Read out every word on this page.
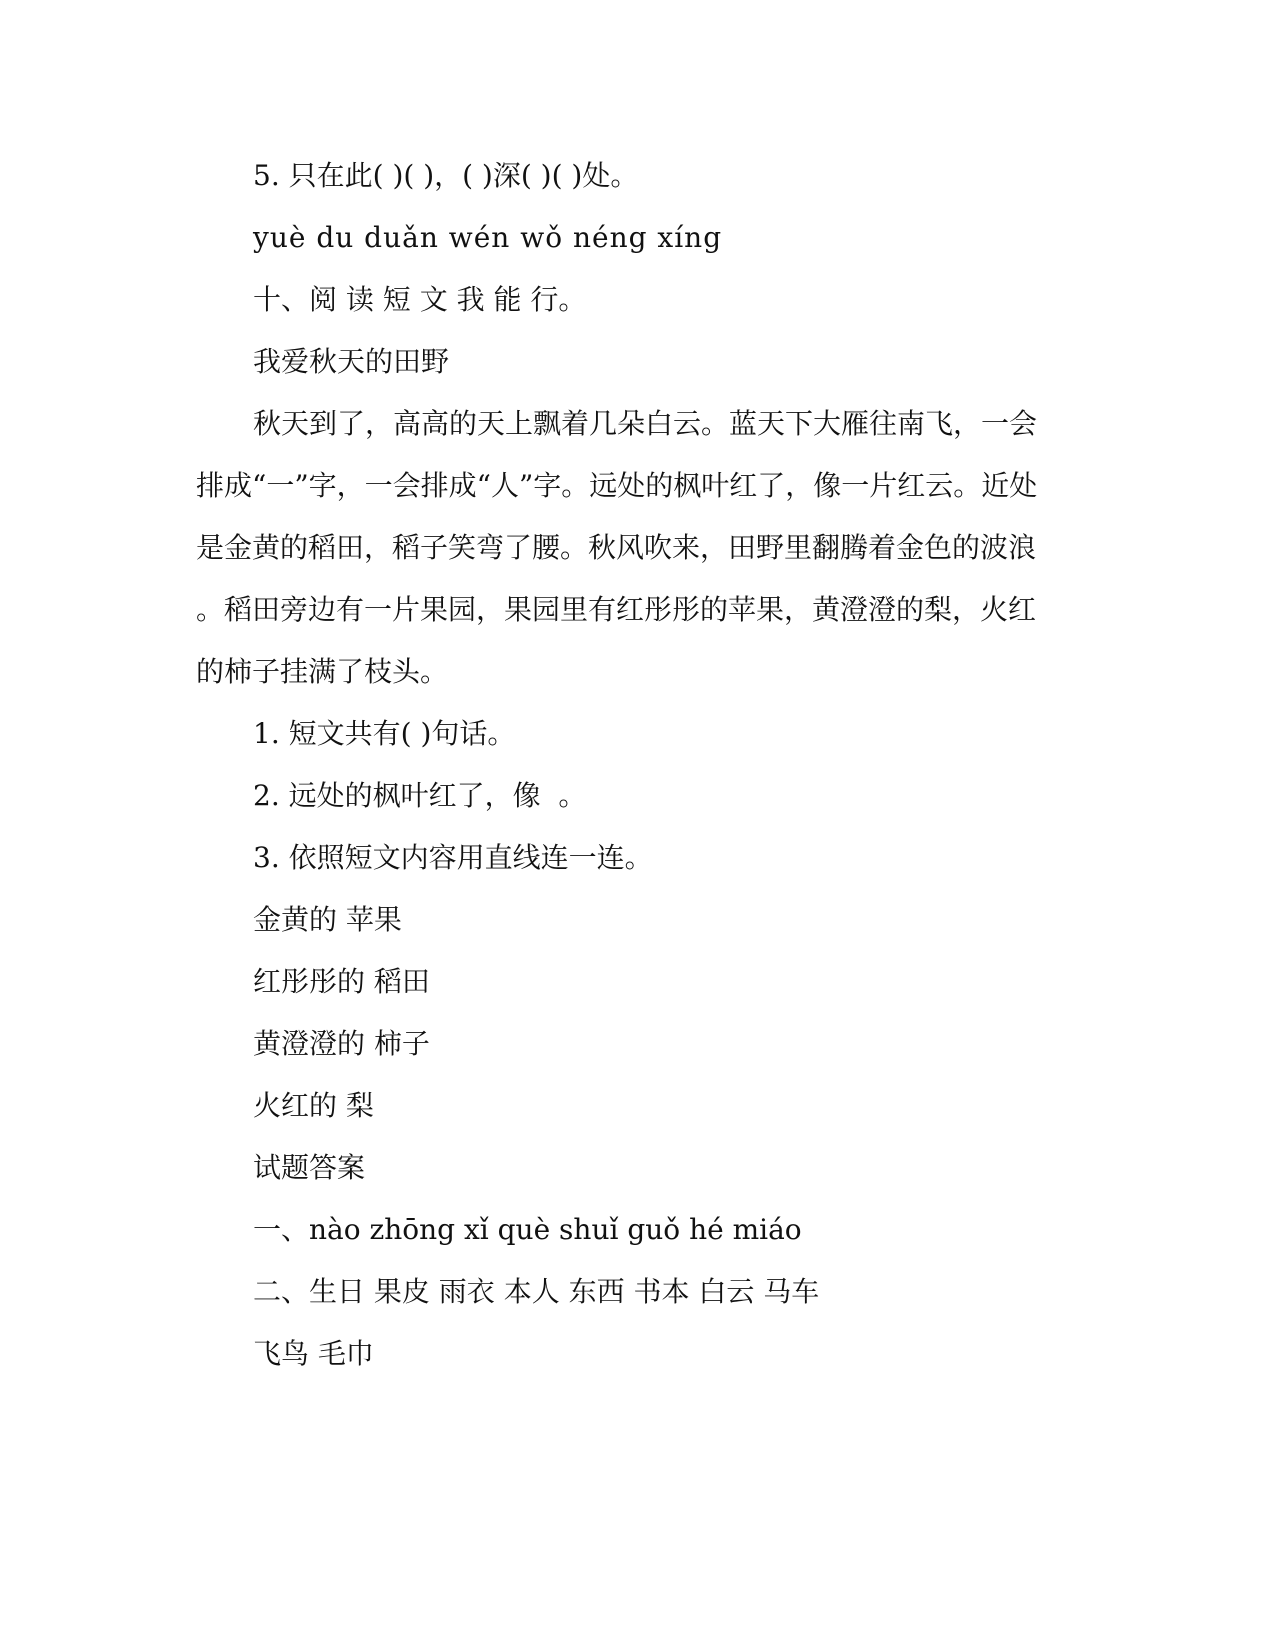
5. 只在此( )( )，( )深( )( )处。

yuè du duǎn wén wǒ néng xíng

十、阅 读 短 文 我 能 行。

我爱秋天的田野

秋天到了，高高的天上飘着几朵白云。蓝天下大雁往南飞，一会

排成“一”字，一会排成“人”字。远处的枫叶红了，像一片红云。近处

是金黄的稻田，稻子笑弯了腰。秋风吹来，田野里翻腾着金色的波浪

。稻田旁边有一片果园，果园里有红彤彤的苹果，黄澄澄的梨，火红

的柿子挂满了枝头。

1. 短文共有( )句话。

2. 远处的枫叶红了，像  。

3. 依照短文内容用直线连一连。

金黄的 苹果

红彤彤的 稻田

黄澄澄的 柿子

火红的 梨

试题答案

一、nào zhōng xǐ què shuǐ guǒ hé miáo

二、生日 果皮 雨衣 本人 东西 书本 白云 马车

飞鸟 毛巾
